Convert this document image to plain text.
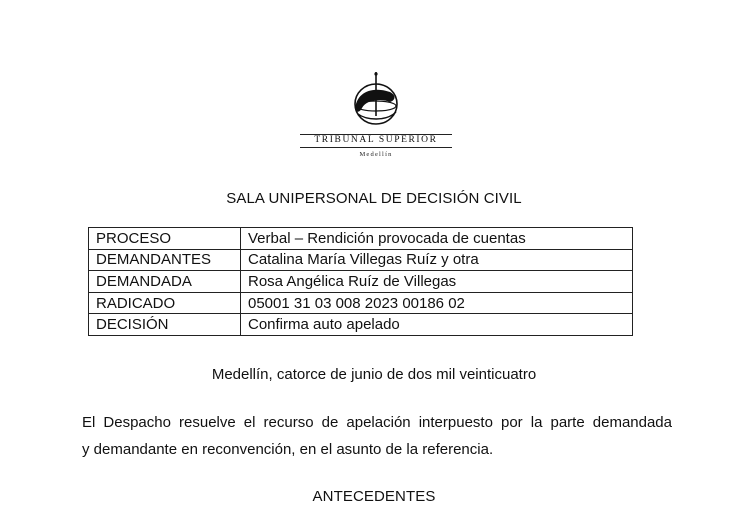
TRIBUNAL SUPERIOR
Medellín
SALA UNIPERSONAL DE DECISIÓN CIVIL
PROCESO	Verbal – Rendición provocada de cuentas
DEMANDANTES	Catalina María Villegas Ruíz y otra
DEMANDADA	Rosa Angélica Ruíz de Villegas
RADICADO	05001 31 03 008 2023 00186 02
DECISIÓN	Confirma auto apelado
Medellín, catorce de junio de dos mil veinticuatro
El Despacho resuelve el recurso de apelación interpuesto por la parte demandada
y demandante en reconvención, en el asunto de la referencia.
ANTECEDENTES
